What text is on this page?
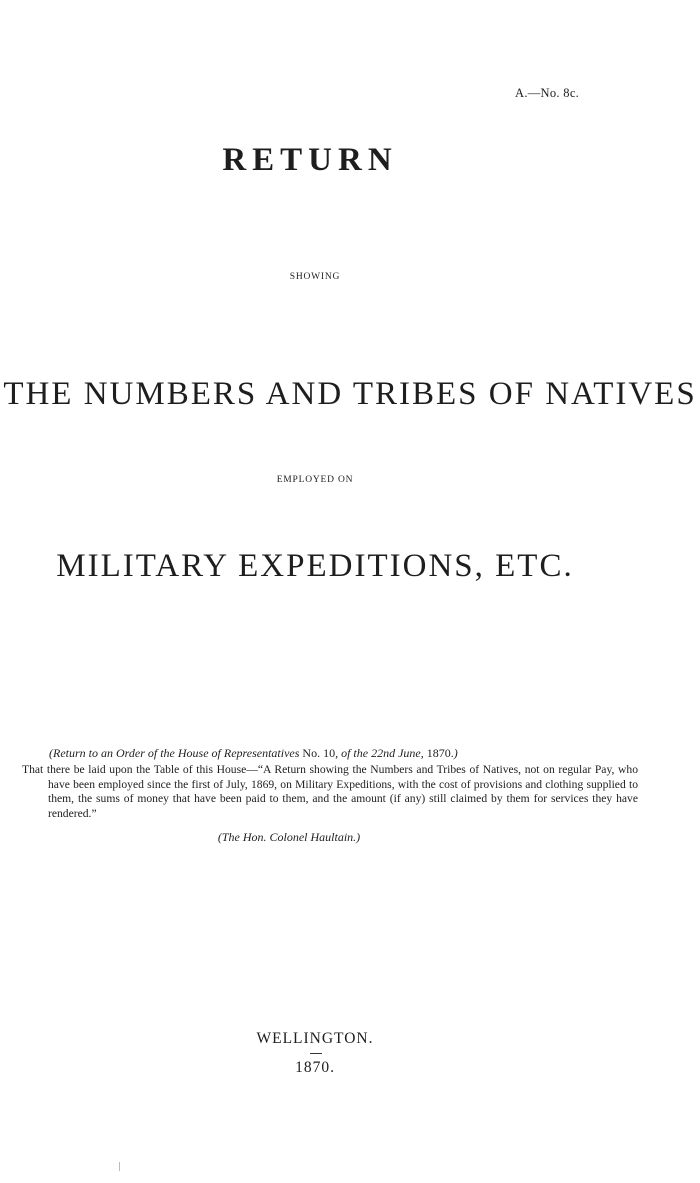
A.—No. 8c.
RETURN
SHOWING
THE NUMBERS AND TRIBES OF NATIVES
EMPLOYED ON
MILITARY EXPEDITIONS, ETC.
(Return to an Order of the House of Representatives No. 10, of the 22nd June, 1870.)
That there be laid upon the Table of this House—“A Return showing the Numbers and Tribes of Natives, not on regular Pay, who have been employed since the first of July, 1869, on Military Expeditions, with the cost of provisions and clothing supplied to them, the sums of money that have been paid to them, and the amount (if any) still claimed by them for services they have rendered.”
(The Hon. Colonel Haultain.)
WELLINGTON.
1870.
